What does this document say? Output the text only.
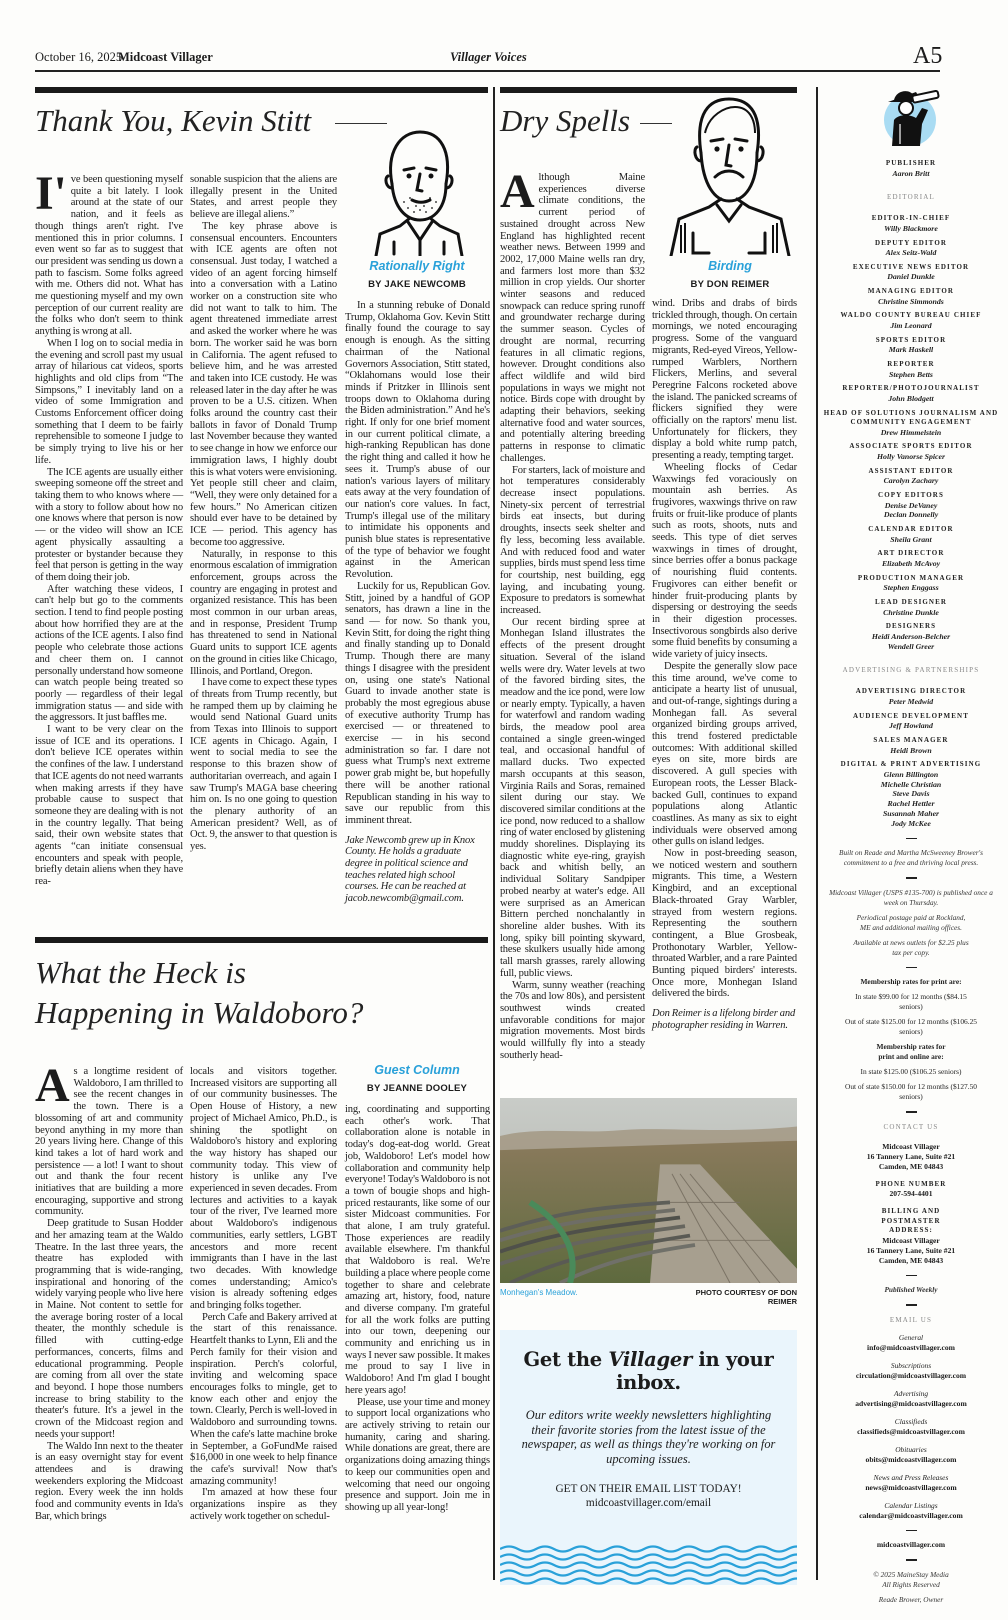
October 16, 2025
Midcoast Villager	Villager Voices	A5
Thank You, Kevin Stitt
Rationally Right
BY JAKE NEWCOMB

I've been questioning myself quite a bit lately. I look around at the state of our nation, and it feels as though things aren't right. I've mentioned this in prior columns. I even went so far as to suggest that our president was sending us down a path to fascism. Some folks agreed with me. Others did not. What has me questioning myself and my own perception of our current reality are the folks who don't seem to think anything is wrong at all.

When I log on to social media in the evening and scroll past my usual array of hilarious cat videos, sports highlights and old clips from “The Simpsons,” I inevitably land on a video of some Immigration and Customs Enforcement officer doing something that I deem to be fairly reprehensible to someone I judge to be simply trying to live his or her life.

The ICE agents are usually either sweeping someone off the street and taking them to who knows where — with a story to follow about how no one knows where that person is now — or the video will show an ICE agent physically assaulting a protester or bystander because they feel that person is getting in the way of them doing their job.

After watching these videos, I can't help but go to the comments section. I tend to find people posting about how horrified they are at the actions of the ICE agents. I also find people who celebrate those actions and cheer them on. I cannot personally understand how someone can watch people being treated so poorly — regardless of their legal immigration status — and side with the aggressors. It just baffles me.

I want to be very clear on the issue of ICE and its operations. I don't believe ICE operates within the confines of the law. I understand that ICE agents do not need warrants when making arrests if they have probable cause to suspect that someone they are dealing with is not in the country legally. That being said, their own website states that agents “can initiate consensual encounters and speak with people, briefly detain aliens when they have rea-

sonable suspicion that the aliens are illegally present in the United States, and arrest people they believe are illegal aliens.”

The key phrase above is consensual encounters. Encounters with ICE agents are often not consensual. Just today, I watched a video of an agent forcing himself into a conversation with a Latino worker on a construction site who did not want to talk to him. The agent threatened immediate arrest and asked the worker where he was born. The worker said he was born in California. The agent refused to believe him, and he was arrested and taken into ICE custody. He was released later in the day after he was proven to be a U.S. citizen. When folks around the country cast their ballots in favor of Donald Trump last November because they wanted to see change in how we enforce our immigration laws, I highly doubt this is what voters were envisioning. Yet people still cheer and claim, “Well, they were only detained for a few hours.” No American citizen should ever have to be detained by ICE — period. This agency has become too aggressive.

Naturally, in response to this enormous escalation of immigration enforcement, groups across the country are engaging in protest and organized resistance. This has been most common in our urban areas, and in response, President Trump has threatened to send in National Guard units to support ICE agents on the ground in cities like Chicago, Illinois, and Portland, Oregon.

I have come to expect these types of threats from Trump recently, but he ramped them up by claiming he would send National Guard units from Texas into Illinois to support ICE agents in Chicago. Again, I went to social media to see the response to this brazen show of authoritarian overreach, and again I saw Trump's MAGA base cheering him on. Is no one going to question the plenary authority of an American president? Well, as of Oct. 9, the answer to that question is yes.

In a stunning rebuke of Donald Trump, Oklahoma Gov. Kevin Stitt finally found the courage to say enough is enough. As the sitting chairman of the National Governors Association, Stitt stated, “Oklahomans would lose their minds if Pritzker in Illinois sent troops down to Oklahoma during the Biden administration.” And he's right. If only for one brief moment in our current political climate, a high-ranking Republican has done the right thing and called it how he sees it. Trump's abuse of our nation's various layers of military eats away at the very foundation of our nation's core values. In fact, Trump's illegal use of the military to intimidate his opponents and punish blue states is representative of the type of behavior we fought against in the American Revolution.

Luckily for us, Republican Gov. Stitt, joined by a handful of GOP senators, has drawn a line in the sand — for now. So thank you, Kevin Stitt, for doing the right thing and finally standing up to Donald Trump. Though there are many things I disagree with the president on, using one state's National Guard to invade another state is probably the most egregious abuse of executive authority Trump has exercised — or threatened to exercise — in his second administration so far. I dare not guess what Trump's next extreme power grab might be, but hopefully there will be another rational Republican standing in his way to save our republic from this imminent threat.

Jake Newcomb grew up in Knox County. He holds a graduate degree in political science and teaches related high school courses. He can be reached at jacob.newcomb@gmail.com.

What the Heck is
Happening in Waldoboro?
Guest Column
BY JEANNE DOOLEY

As a longtime resident of Waldoboro, I am thrilled to see the recent changes in the town. There is a blossoming of art and community beyond anything in my more than 20 years living here. Change of this kind takes a lot of hard work and persistence — a lot! I want to shout out and thank the four recent initiatives that are building a more encouraging, supportive and strong community.

Deep gratitude to Susan Hodder and her amazing team at the Waldo Theatre. In the last three years, the theatre has exploded with programming that is wide-ranging, inspirational and honoring of the widely varying people who live here in Maine. Not content to settle for the average boring roster of a local theater, the monthly schedule is filled with cutting-edge performances, concerts, films and educational programming. People are coming from all over the state and beyond. I hope those numbers increase to bring stability to the theater's future. It's a jewel in the crown of the Midcoast region and needs your support!

The Waldo Inn next to the theater is an easy overnight stay for event attendees and is drawing weekenders exploring the Midcoast region. Every week the inn holds food and community events in Ida's Bar, which brings

locals and visitors together. Increased visitors are supporting all of our community businesses. The Open House of History, a new project of Michael Amico, Ph.D., is shining the spotlight on Waldoboro's history and exploring the way history has shaped our community today. This view of history is unlike any I've experienced in seven decades. From lectures and activities to a kayak tour of the river, I've learned more about Waldoboro's indigenous communities, early settlers, LGBT ancestors and more recent immigrants than I have in the last two decades. With knowledge comes understanding; Amico's vision is already softening edges and bringing folks together.

Perch Cafe and Bakery arrived at the start of this renaissance. Heartfelt thanks to Lynn, Eli and the Perch family for their vision and inspiration. Perch's colorful, inviting and welcoming space encourages folks to mingle, get to know each other and enjoy the town. Clearly, Perch is well-loved in Waldoboro and surrounding towns. When the cafe's latte machine broke in September, a GoFundMe raised $16,000 in one week to help finance the cafe's survival! Now that's amazing community!

I'm amazed at how these four organizations inspire as they actively work together on schedul-

ing, coordinating and supporting each other's work. That collaboration alone is notable in today's dog-eat-dog world. Great job, Waldoboro! Let's model how collaboration and community help everyone! Today's Waldoboro is not a town of bougie shops and high-priced restaurants, like some of our sister Midcoast communities. For that alone, I am truly grateful. Those experiences are readily available elsewhere. I'm thankful that Waldoboro is real. We're building a place where people come together to share and celebrate amazing art, history, food, nature and diverse company. I'm grateful for all the work folks are putting into our town, deepening our community and enriching us in ways I never saw possible. It makes me proud to say I live in Waldoboro! And I'm glad I bought here years ago!

Please, use your time and money to support local organizations who are actively striving to retain our humanity, caring and sharing. While donations are great, there are organizations doing amazing things to keep our communities open and welcoming that need our ongoing presence and support. Join me in showing up all year-long!

Dry Spells
Birding
BY DON REIMER

Although Maine experiences diverse climate conditions, the current period of sustained drought across New England has highlighted recent weather news. Between 1999 and 2002, 17,000 Maine wells ran dry, and farmers lost more than $32 million in crop yields. Our shorter winter seasons and reduced snowpack can reduce spring runoff and groundwater recharge during the summer season. Cycles of drought are normal, recurring features in all climatic regions, however. Drought conditions also affect wildlife and wild bird populations in ways we might not notice. Birds cope with drought by adapting their behaviors, seeking alternative food and water sources, and potentially altering breeding patterns in response to climatic challenges.

For starters, lack of moisture and hot temperatures considerably decrease insect populations. Ninety-six percent of terrestrial birds eat insects, but during droughts, insects seek shelter and fly less, becoming less available. And with reduced food and water supplies, birds must spend less time for courtship, nest building, egg laying, and incubating young. Exposure to predators is somewhat increased.

Our recent birding spree at Monhegan Island illustrates the effects of the present drought situation. Several of the island wells were dry. Water levels at two of the favored birding sites, the meadow and the ice pond, were low or nearly empty. Typically, a haven for waterfowl and random wading birds, the meadow pool area contained a single green-winged teal, and occasional handful of mallard ducks. Two expected marsh occupants at this season, Virginia Rails and Soras, remained silent during our stay. We discovered similar conditions at the ice pond, now reduced to a shallow ring of water enclosed by glistening muddy shorelines. Displaying its diagnostic white eye-ring, grayish back and whitish belly, an individual Solitary Sandpiper probed nearby at water's edge. All were surprised as an American Bittern perched nonchalantly in shoreline alder bushes. With its long, spiky bill pointing skyward, these skulkers usually hide among tall marsh grasses, rarely allowing full, public views.

Warm, sunny weather (reaching the 70s and low 80s), and persistent southwest winds created unfavorable conditions for major migration movements. Most birds would willfully fly into a steady southerly head-

wind. Dribs and drabs of birds trickled through, though. On certain mornings, we noted encouraging progress. Some of the vanguard migrants, Red-eyed Vireos, Yellow-rumped Warblers, Northern Flickers, Merlins, and several Peregrine Falcons rocketed above the island. The panicked screams of flickers signified they were officially on the raptors' menu list. Unfortunately for flickers, they display a bold white rump patch, presenting a ready, tempting target.

Wheeling flocks of Cedar Waxwings fed voraciously on mountain ash berries. As frugivores, waxwings thrive on raw fruits or fruit-like produce of plants such as roots, shoots, nuts and seeds. This type of diet serves waxwings in times of drought, since berries offer a bonus package of nourishing fluid contents. Frugivores can either benefit or hinder fruit-producing plants by dispersing or destroying the seeds in their digestion processes. Insectivorous songbirds also derive some fluid benefits by consuming a wide variety of juicy insects.

Despite the generally slow pace this time around, we've come to anticipate a hearty list of unusual, and out-of-range, sightings during a Monhegan fall. As several organized birding groups arrived, this trend fostered predictable outcomes: With additional skilled eyes on site, more birds are discovered. A gull species with European roots, the Lesser Black-backed Gull, continues to expand populations along Atlantic coastlines. As many as six to eight individuals were observed among other gulls on island ledges.

Now in post-breeding season, we noticed western and southern migrants. This time, a Western Kingbird, and an exceptional Black-throated Gray Warbler, strayed from western regions. Representing the southern contingent, a Blue Grosbeak, Prothonotary Warbler, Yellow-throated Warbler, and a rare Painted Bunting piqued birders' interests. Once more, Monhegan Island delivered the birds.

Don Reimer is a lifelong birder and photographer residing in Warren.

Monhegan's Meadow.	PHOTO COURTESY OF DON REIMER
Get the Villager in your inbox.
Our editors write weekly newsletters highlighting their favorite stories from the latest issue of the newspaper, as well as things they're working on for upcoming issues.
GET ON THEIR EMAIL LIST TODAY!
midcoastvillager.com/email
PUBLISHER
Aaron Britt
EDITORIAL
EDITOR-IN-CHIEF
Willy Blackmore
DEPUTY EDITOR
Alex Seitz-Wald
EXECUTIVE NEWS EDITOR
Daniel Dunkle
MANAGING EDITOR
Christine Simmonds
WALDO COUNTY BUREAU CHIEF
Jim Leonard
SPORTS EDITOR
Mark Haskell
REPORTER
Stephen Betts
REPORTER/PHOTOJOURNALIST
John Blodgett
HEAD OF SOLUTIONS JOURNALISM AND COMMUNITY ENGAGEMENT
Drew Himmelstein
ASSOCIATE SPORTS EDITOR
Holly Vanorse Spicer
ASSISTANT EDITOR
Carolyn Zachary
COPY EDITORS
Denise DeVaney
Declan Donnelly
CALENDAR EDITOR
Sheila Grant
ART DIRECTOR
Elizabeth McAvoy
PRODUCTION MANAGER
Stephen Enggass
LEAD DESIGNER
Christine Dunkle
DESIGNERS
Heidi Anderson-Belcher
Wendell Greer
ADVERTISING & PARTNERSHIPS
ADVERTISING DIRECTOR
Peter Medwid
AUDIENCE DEVELOPMENT
Jeff Howland
SALES MANAGER
Heidi Brown
DIGITAL & PRINT ADVERTISING
Glenn Billington
Michelle Christian
Steve Davis
Rachel Hettler
Susannah Maher
Jody McKee
Built on Reade and Martha McSweeney Brower's commitment to a free and thriving local press.
Midcoast Villager (USPS #135-700) is published once a week on Thursday.
Periodical postage paid at Rockland, ME and additional mailing offices.
Available at news outlets for $2.25 plus tax per copy.
Membership rates for print are:
In state $99.00 for 12 months ($84.15 seniors)
Out of state $125.00 for 12 months ($106.25 seniors)
Membership rates for print and online are:
In state $125.00 ($106.25 seniors)
Out of state $150.00 for 12 months ($127.50 seniors)
CONTACT US
Midcoast Villager
16 Tannery Lane, Suite #21
Camden, ME 04843
PHONE NUMBER
207-594-4401
BILLING AND POSTMASTER ADDRESS:
Midcoast Villager
16 Tannery Lane, Suite #21
Camden, ME 04843
Published Weekly
EMAIL US
General
info@midcoastvillager.com
Subscriptions
circulation@midcoastvillager.com
Advertising
advertising@midcoastvillager.com
Classifieds
classifieds@midcoastvillager.com
Obituaries
obits@midcoastvillager.com
News and Press Releases
news@midcoastvillager.com
Calendar Listings
calendar@midcoastvillager.com
midcoastvillager.com
© 2025 MaineStay Media
All Rights Reserved
Reade Brower, Owner
